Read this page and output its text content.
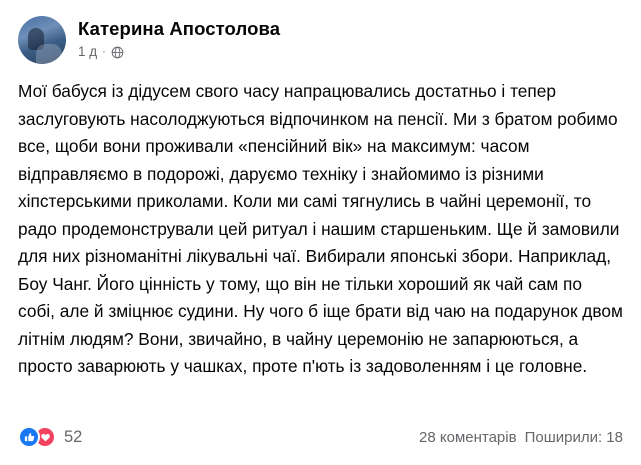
Катерина Апостолова
1 д ·
Мої бабуся із дідусем свого часу напрацювались достатньо і тепер заслуговують насолоджуються відпочинком на пенсії. Ми з братом робимо все, щоби вони проживали «пенсійний вік» на максимум: часом відправляємо в подорожі, даруємо техніку і знайомимо із різними хіпстерськими приколами. Коли ми самі тягнулись в чайні церемонії, то радо продемонстрували цей ритуал і нашим старшеньким. Ще й замовили для них різноманітні лікувальні чаї. Вибирали японські збори. Наприклад, Боу Чанг. Його цінність у тому, що він не тільки хороший як чай сам по собі, але й зміцнює судини. Ну чого б іще брати від чаю на подарунок двом літнім людям? Вони, звичайно, в чайну церемонію не запарюються, а просто заварюють у чашках, проте п'ють із задоволенням і це головне.
52	28 коментарів Поширили: 18
